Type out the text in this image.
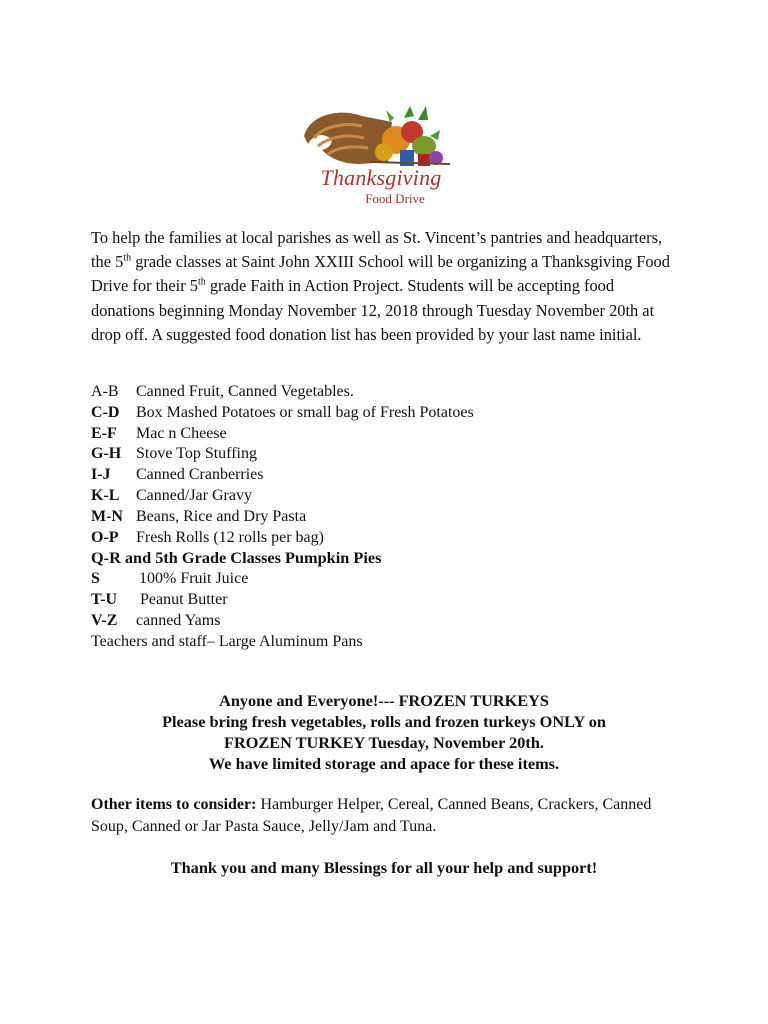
Thanksgiving
Food Drive

To help the families at local parishes as well as St. Vincent’s pantries and headquarters, the 5th grade classes at Saint John XXIII School will be organizing a Thanksgiving Food Drive for their 5th grade Faith in Action Project. Students will be accepting food donations beginning Monday November 12, 2018 through Tuesday November 20th at drop off. A suggested food donation list has been provided by your last name initial.

A-B Canned Fruit, Canned Vegetables.
C-D Box Mashed Potatoes or small bag of Fresh Potatoes
E-F Mac n Cheese
G-H Stove Top Stuffing
I-J Canned Cranberries
K-L Canned/Jar Gravy
M-N Beans, Rice and Dry Pasta
O-P Fresh Rolls (12 rolls per bag)
Q-R and 5th Grade Classes Pumpkin Pies
S 100% Fruit Juice
T-U Peanut Butter
V-Z canned Yams
Teachers and staff– Large Aluminum Pans
Anyone and Everyone!--- FROZEN TURKEYS
Please bring fresh vegetables, rolls and frozen turkeys ONLY on
FROZEN TURKEY Tuesday, November 20th.
We have limited storage and apace for these items.
Other items to consider: Hamburger Helper, Cereal, Canned Beans, Crackers, Canned Soup, Canned or Jar Pasta Sauce, Jelly/Jam and Tuna.
Thank you and many Blessings for all your help and support!
